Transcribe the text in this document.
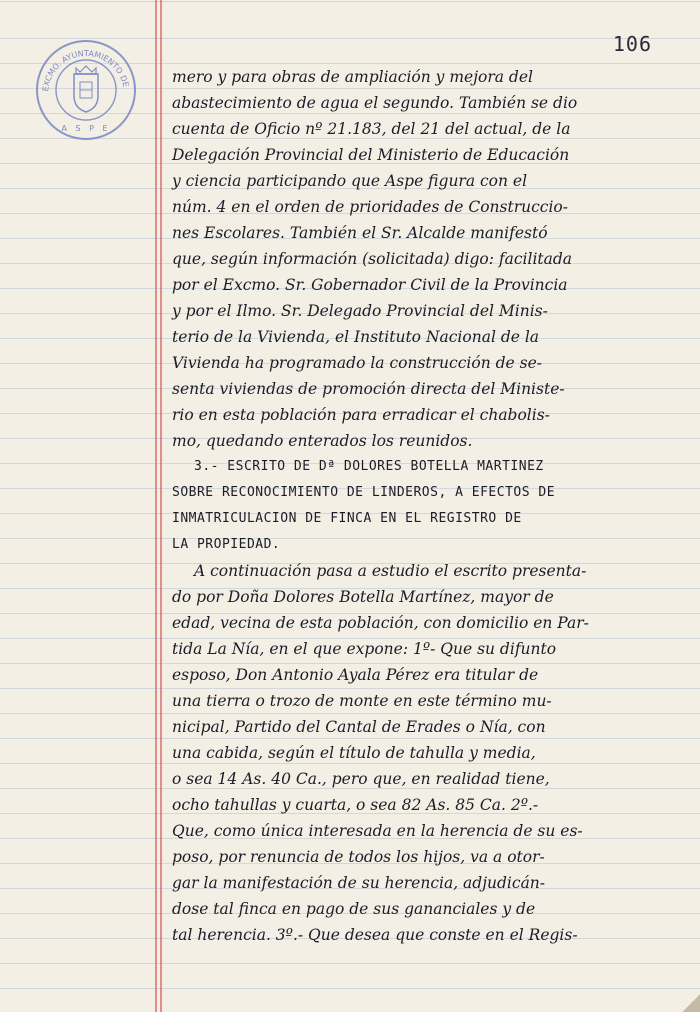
EXCMO. AYUNTAMIENTO DE
A S P E
106
mero y para obras de ampliación y mejora del
abastecimiento de agua el segundo. También se dio
cuenta de Oficio nº 21.183, del 21 del actual, de la
Delegación Provincial del Ministerio de Educación
y ciencia participando que Aspe figura con el
núm. 4 en el orden de prioridades de Construccio-
nes Escolares. También el Sr. Alcalde manifestó
que, según información (solicitada) digo: facilitada
por el Excmo. Sr. Gobernador Civil de la Provincia
y por el Ilmo. Sr. Delegado Provincial del Minis-
terio de la Vivienda, el Instituto Nacional de la
Vivienda ha programado la construcción de se-
senta viviendas de promoción directa del Ministe-
rio en esta población para erradicar el chabolis-
mo, quedando enterados los reunidos.
3.- ESCRITO DE Dª DOLORES BOTELLA MARTINEZ
SOBRE RECONOCIMIENTO DE LINDEROS, A EFECTOS DE
INMATRICULACION DE FINCA EN EL REGISTRO DE
LA PROPIEDAD.
A continuación pasa a estudio el escrito presenta-
do por Doña Dolores Botella Martínez, mayor de
edad, vecina de esta población, con domicilio en Par-
tida La Nía, en el que expone: 1º- Que su difunto
esposo, Don Antonio Ayala Pérez era titular de
una tierra o trozo de monte en este término mu-
nicipal, Partido del Cantal de Erades o Nía, con
una cabida, según el título de tahulla y media,
o sea 14 As. 40 Ca., pero que, en realidad tiene,
ocho tahullas y cuarta, o sea 82 As. 85 Ca. 2º.-
Que, como única interesada en la herencia de su es-
poso, por renuncia de todos los hijos, va a otor-
gar la manifestación de su herencia, adjudicán-
dose tal finca en pago de sus gananciales y de
tal herencia. 3º.- Que desea que conste en el Regis-
